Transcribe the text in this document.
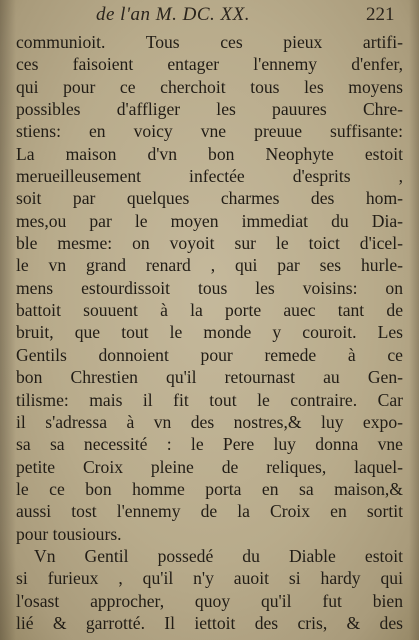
de l'an M. DC. XX.	221
communioit. Tous ces pieux artifi-
ces faisoient entager l'ennemy d'enfer,
qui pour ce cherchoit tous les moyens
possibles d'affliger les pauures Chre-
stiens: en voicy vne preuue suffisante:
La maison d'vn bon Neophyte estoit
merueilleusement infectée d'esprits ,
soit par quelques charmes des hom-
mes,ou par le moyen immediat du Dia-
ble mesme: on voyoit sur le toict d'icel-
le vn grand renard , qui par ses hurle-
mens estourdissoit tous les voisins: on
battoit souuent à la porte auec tant de
bruit, que tout le monde y couroit. Les
Gentils donnoient pour remede à ce
bon Chrestien qu'il retournast au Gen-
tilisme: mais il fit tout le contraire. Car
il s'adressa à vn des nostres,& luy expo-
sa sa necessité : le Pere luy donna vne
petite Croix pleine de reliques, laquel-
le ce bon homme porta en sa maison,&
aussi tost l'ennemy de la Croix en sortit
pour tousiours.
Vn Gentil possedé du Diable estoit
si furieux , qu'il n'y auoit si hardy qui
l'osast approcher, quoy qu'il fut bien
lié & garrotté. Il iettoit des cris, & des
